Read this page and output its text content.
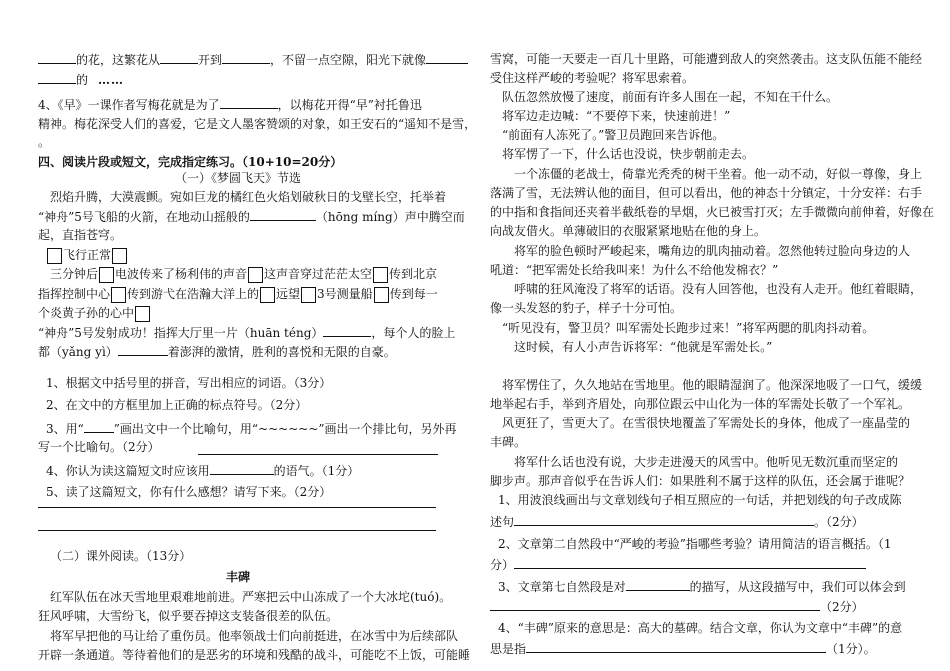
的花，这繁花从	开到	，不留一点空隙，阳光下就像
的 ……
4、《早》一课作者写梅花就是为了	，以梅花开得“早”衬托鲁迅
精神。梅花深受人们的喜爱，它是文人墨客赞颂的对象，如王安石的“遥知不是雪，
。
四、阅读片段或短文，完成指定练习。（10+10=20分）
（一）《梦圆飞天》节选
烈焰升腾，大漠震颤。宛如巨龙的橘红色火焰划破秋日的戈壁长空，托举着
“神舟”5号飞船的火箭，在地动山摇般的	（hōng míng）声中腾空而
起，直指苍穹。
飞行正常
三分钟后 电波传来了杨利伟的声音 这声音穿过茫茫太空 传到北京
指挥控制中心 传到游弋在浩瀚大洋上的 远望 3号测量船 传到每一
个炎黄子孙的心中
“神舟”5号发射成功！指挥大厅里一片（huān téng）	，每个人的脸上
都（yǎng yì）	着澎湃的激情，胜利的喜悦和无限的自豪。
1、根据文中括号里的拼音，写出相应的词语。（3分）
2、在文中的方框里加上正确的标点符号。（2分）
3、用“	”画出文中一个比喻句，用“~~~~~~”画出一个排比句，另外再
写一个比喻句。（2分）
4、你认为读这篇短文时应该用	的语气。（1分）
5、读了这篇短文，你有什么感想？请写下来。（2分）
（二）课外阅读。（13分）
丰碑
红军队伍在冰天雪地里艰难地前进。严寒把云中山冻成了一个大冰坨(tuó)。
狂风呼啸，大雪纷飞，似乎要吞掉这支装备很差的队伍。
将军早把他的马让给了重伤员。他率领战士们向前挺进，在冰雪中为后续部队
开辟一条通道。等待着他们的是恶劣的环境和残酷的战斗，可能吃不上饭，可能睡
雪窝，可能一天要走一百几十里路，可能遭到敌人的突然袭击。这支队伍能不能经
受住这样严峻的考验呢？将军思索着。
队伍忽然放慢了速度，前面有许多人围在一起，不知在干什么。
将军边走边喊：“不要停下来，快速前进！”
“前面有人冻死了。”警卫员跑回来告诉他。
将军愣了一下，什么话也没说，快步朝前走去。
一个冻僵的老战士，倚靠光秃秃的树干坐着。他一动不动，好似一尊像，身上
落满了雪，无法辨认他的面目，但可以看出，他的神态十分镇定，十分安祥：右手
的中指和食指间还夹着半截纸卷的旱烟，火已被雪打灭；左手微微向前伸着，好像在
向战友借火。单薄破旧的衣服紧紧地贴在他的身上。
将军的脸色顿时严峻起来，嘴角边的肌肉抽动着。忽然他转过脸向身边的人
吼道：“把军需处长给我叫来！为什么不给他发棉衣？”
呼啸的狂风淹没了将军的话语。没有人回答他，也没有人走开。他红着眼睛，
像一头发怒的豹子，样子十分可怕。
“听见没有，警卫员？叫军需处长跑步过来！”将军两腮的肌肉抖动着。
这时候，有人小声告诉将军：“他就是军需处长。”
将军愣住了，久久地站在雪地里。他的眼睛湿润了。他深深地吸了一口气，缓缓
地举起右手，举到齐眉处，向那位跟云中山化为一体的军需处长敬了一个军礼。
风更狂了，雪更大了。在雪很快地覆盖了军需处长的身体，他成了一座晶莹的
丰碑。
将军什么话也没有说，大步走进漫天的风雪中。他听见无数沉重而坚定的
脚步声。那声音似乎在告诉人们：如果胜利不属于这样的队伍，还会属于谁呢？
1、用波浪线画出与文章划线句子相互照应的一句话，并把划线的句子改成陈
述句	。（2分）
2、文章第二自然段中“严峻的考验”指哪些考验？请用简洁的语言概括。（1
分）
3、文章第七自然段是对	的描写，从这段描写中，我们可以体会到
（2分）
4、“丰碑”原来的意思是：高大的墓碑。结合文章，你认为文章中“丰碑”的意
思是指	（1分）。
